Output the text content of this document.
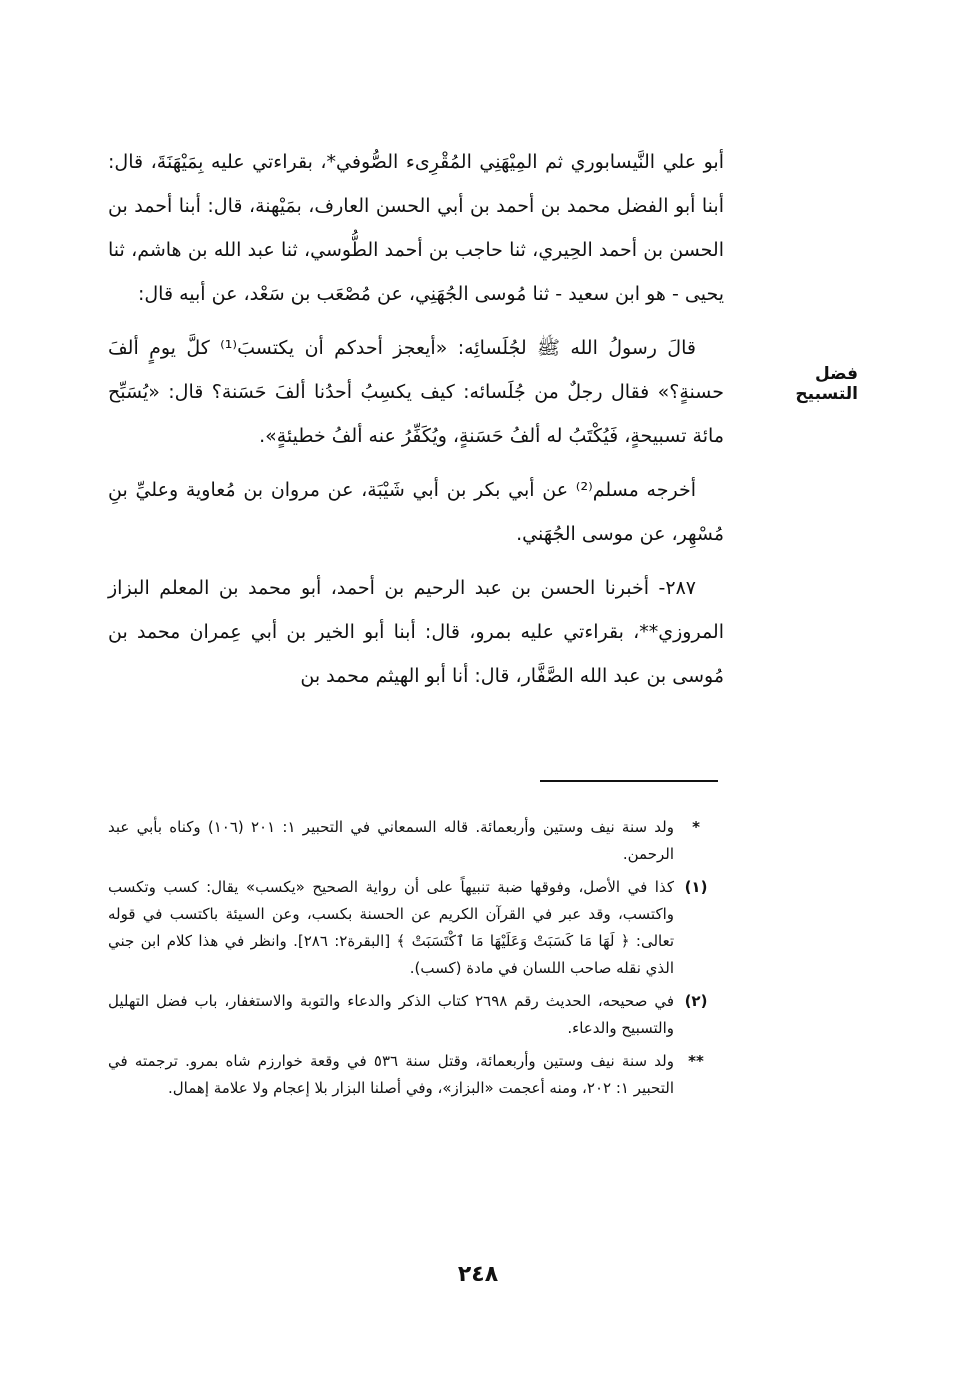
فضل التسبيح

أبو علي النَّيسابوري ثم المِيْهَنِي المُقْرِىء الصُّوفي*، بقراءتي عليه بِمَيْهَنَةَ، قال: أبنا أبو الفضل محمد بن أحمد بن أبي الحسن العارف، بمَيْهنة، قال: أبنا أحمد بن الحسن بن أحمد الحِيري، ثنا حاجب بن أحمد الطُّوسي، ثنا عبد الله بن هاشم، ثنا يحيى - هو ابن سعيد - ثنا مُوسى الجُهَنِي، عن مُصْعَب بن سَعْد، عن أبيه قال:

قالَ رسولُ الله ﷺ لجُلَسائِه: «أيعجز أحدكم أن يكتسبَ⁽¹⁾ كلَّ يومٍ ألفَ حسنةٍ؟» فقال رجلٌ من جُلَسائه: كيف يكسِبُ أحدُنا ألفَ حَسَنة؟ قال: «يُسَبِّح مائة تسبيحةٍ، فَيُكْتَبُ له ألفُ حَسَنةٍ، ويُكَفِّرُ عنه ألفُ خطيئةٍ».

أخرجه مسلم⁽²⁾ عن أبي بكر بن أبي شَيْبَة، عن مروان بن مُعاوية وعليِّ بنِ مُسْهِر، عن موسى الجُهَني.

٢٨٧- أخبرنا الحسن بن عبد الرحيم بن أحمد، أبو محمد بن المعلم البزاز المروزي**، بقراءتي عليه بمرو، قال: أبنا أبو الخير بن أبي عِمران محمد بن مُوسى بن عبد الله الصَّفَّار، قال: أنا أبو الهيثم محمد بن

*
ولد سنة نيف وستين وأربعمائة. قاله السمعاني في التحبير ١: ٢٠١ (١٠٦) وكناه بأبي عبد الرحمن.
(١)
كذا في الأصل، وفوقها ضبة تنبيهاً على أن رواية الصحيح «يكسب» يقال: كسب وتكسب واكتسب، وقد عبر في القرآن الكريم عن الحسنة بكسب، وعن السيئة باكتسب في قوله تعالى: ﴿ لَهَا مَا كَسَبَتْ وَعَلَيْهَا مَا ٱكْتَسَبَتْ ﴾ [البقرة٢: ٢٨٦]. وانظر في هذا كلام ابن جني الذي نقله صاحب اللسان في مادة (كسب).
(٢)
في صحيحه، الحديث رقم ٢٦٩٨ كتاب الذكر والدعاء والتوبة والاستغفار، باب فضل التهليل والتسبيح والدعاء.
**
ولد سنة نيف وستين وأربعمائة، وقتل سنة ٥٣٦ في وقعة خوارزم شاه بمرو. ترجمته في التحبير ١: ٢٠٢، ومنه أعجمت «البزاز»، وفي أصلنا البزار بلا إعجام ولا علامة إهمال.
٢٤٨
